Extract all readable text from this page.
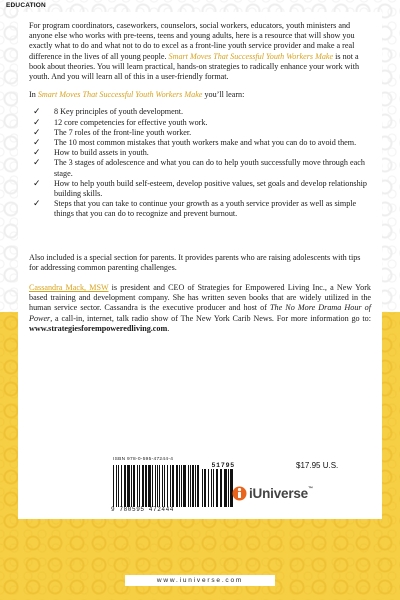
EDUCATION

For program coordinators, caseworkers, counselors, social workers, educators, youth ministers and anyone else who works with pre-teens, teens and young adults, here is a resource that will show you exactly what to do and what not to do to excel as a front-line youth service provider and make a real difference in the lives of all young people. Smart Moves That Successful Youth Workers Make is not a book about theories. You will learn practical, hands-on strategies to radically enhance your work with youth. And you will learn all of this in a user-friendly format.

In Smart Moves That Successful Youth Workers Make you’ll learn:

✓ 8 Key principles of youth development.
✓ 12 core competencies for effective youth work.
✓ The 7 roles of the front-line youth worker.
✓ The 10 most common mistakes that youth workers make and what you can do to avoid them.
✓ How to build assets in youth.
✓ The 3 stages of adolescence and what you can do to help youth successfully move through each stage.
✓ How to help youth build self-esteem, develop positive values, set goals and develop relationship building skills.
✓ Steps that you can take to continue your growth as a youth service provider as well as simple things that you can do to recognize and prevent burnout.

Also included is a special section for parents. It provides parents who are raising adolescents with tips for addressing common parenting challenges.

Cassandra Mack, MSW is president and CEO of Strategies for Empowered Living Inc., a New York based training and development company. She has written seven books that are widely utilized in the human service sector. Cassandra is the executive producer and host of The No More Drama Hour of Power, a call-in, internet, talk radio show of The New York Carib News. For more information go to: www.strategiesforempoweredliving.com.

ISBN 978-0-595-47244-4
51795
9 780595 472444
$17.95 U.S.
iUniverse™
www.iuniverse.com
